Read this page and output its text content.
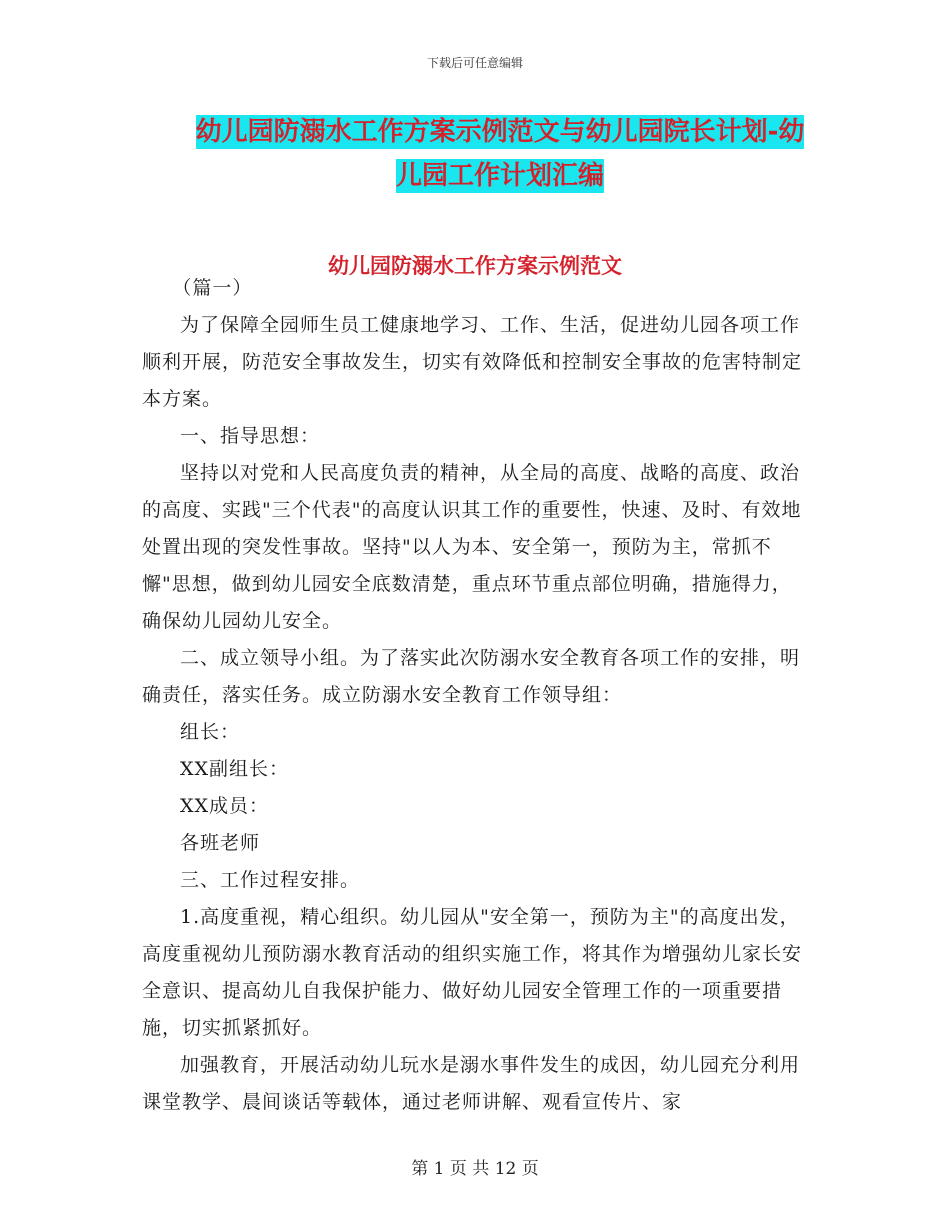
下载后可任意编辑
幼儿园防溺水工作方案示例范文与幼儿园院长计划-幼
儿园工作计划汇编
幼儿园防溺水工作方案示例范文

（篇一）

为了保障全园师生员工健康地学习、工作、生活，促进幼儿园各项工作顺利开展，防范安全事故发生，切实有效降低和控制安全事故的危害特制定本方案。

一、指导思想：

坚持以对党和人民高度负责的精神，从全局的高度、战略的高度、政治的高度、实践"三个代表"的高度认识其工作的重要性，快速、及时、有效地处置出现的突发性事故。坚持"以人为本、安全第一，预防为主，常抓不懈"思想，做到幼儿园安全底数清楚，重点环节重点部位明确，措施得力，确保幼儿园幼儿安全。

二、成立领导小组。为了落实此次防溺水安全教育各项工作的安排，明确责任，落实任务。成立防溺水安全教育工作领导组：

组长：

XX副组长：

XX成员：

各班老师

三、工作过程安排。

1.高度重视，精心组织。幼儿园从"安全第一，预防为主"的高度出发，高度重视幼儿预防溺水教育活动的组织实施工作，将其作为增强幼儿家长安全意识、提高幼儿自我保护能力、做好幼儿园安全管理工作的一项重要措施，切实抓紧抓好。

加强教育，开展活动幼儿玩水是溺水事件发生的成因，幼儿园充分利用课堂教学、晨间谈话等载体，通过老师讲解、观看宣传片、家

第 1 页 共 12 页
